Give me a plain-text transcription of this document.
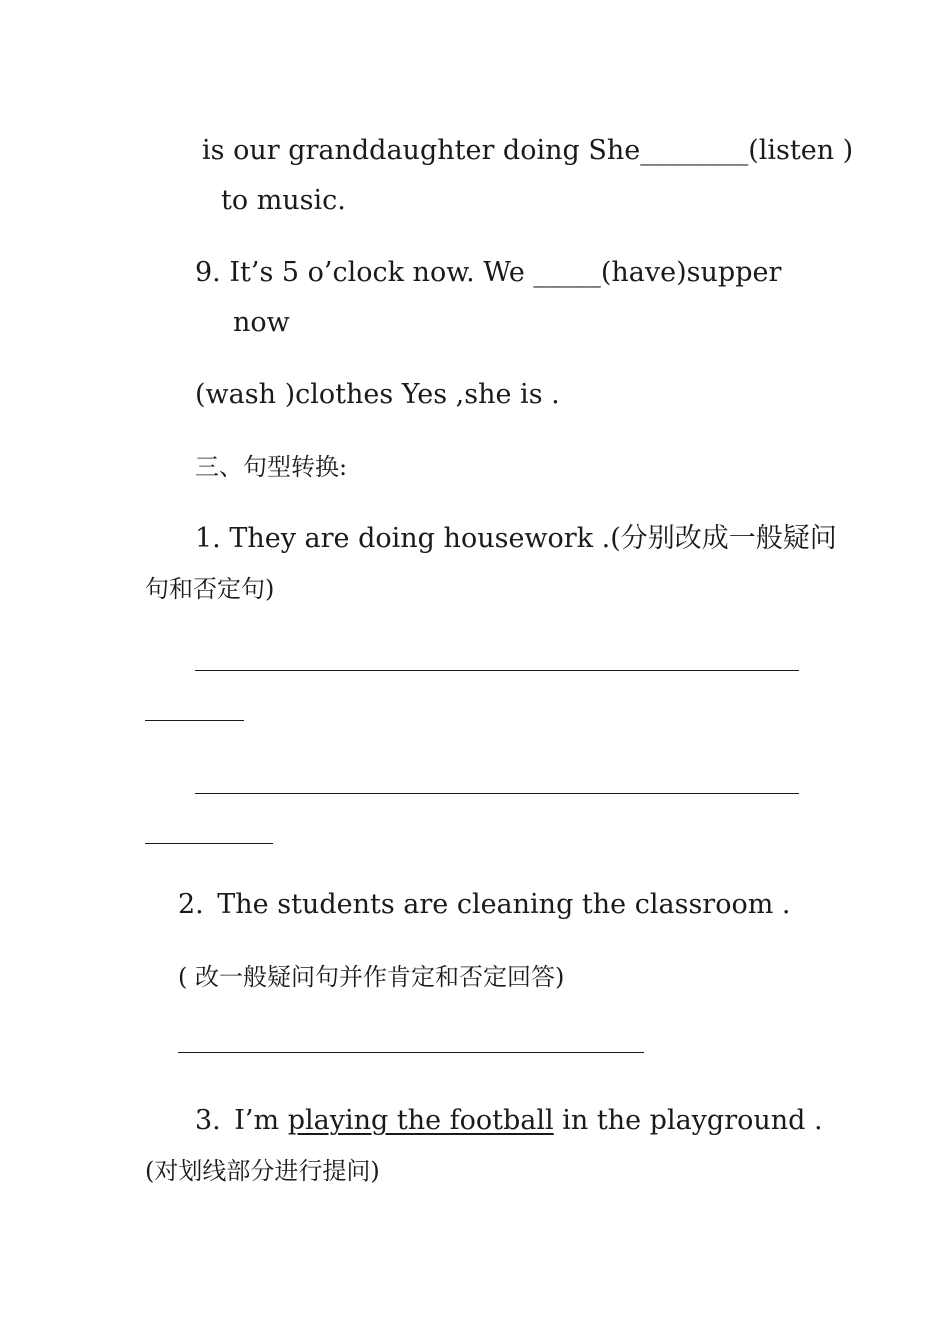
is our granddaughter doing She________(listen )
to music.
9. It’s 5 o’clock now. We _____(have)supper
now
(wash )clothes Yes ,she is .
三、句型转换:
1. They are doing housework .(分别改成一般疑问
句和否定句)
2. The students are cleaning the classroom .
( 改一般疑问句并作肯定和否定回答)
3. I’m playing the football in the playground .
(对划线部分进行提问)
